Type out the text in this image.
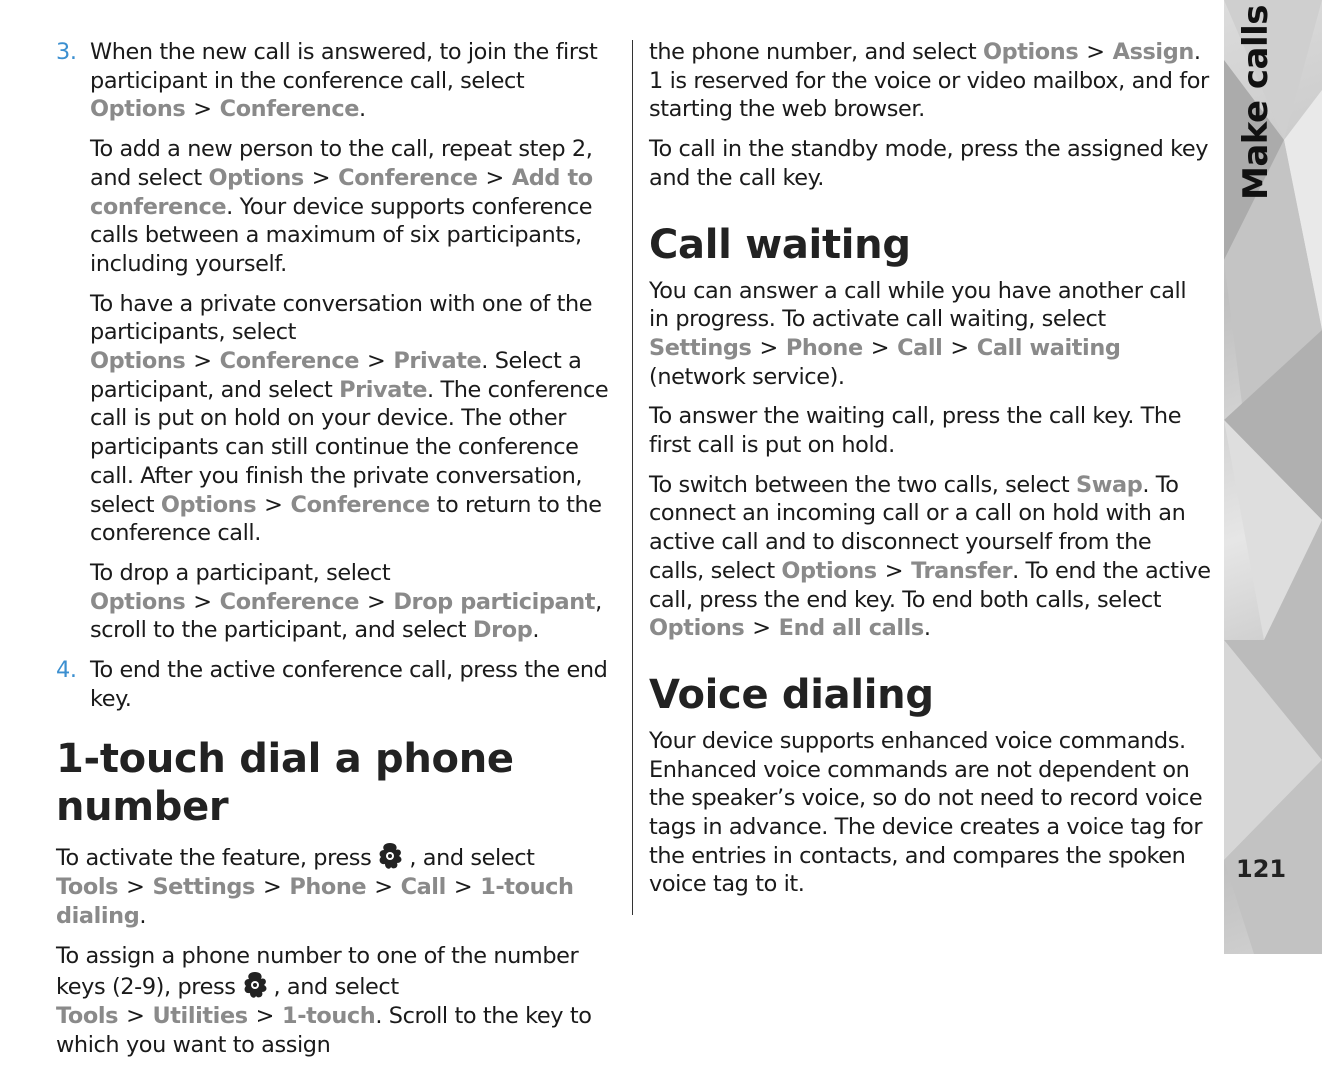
Make calls
121
3. When the new call is answered, to join the first participant in the conference call, select Options > Conference.

To add a new person to the call, repeat step 2, and select Options > Conference > Add to conference. Your device supports conference calls between a maximum of six participants, including yourself.

To have a private conversation with one of the participants, select Options > Conference > Private. Select a participant, and select Private. The conference call is put on hold on your device. The other participants can still continue the conference call. After you finish the private conversation, select Options > Conference to return to the conference call.

To drop a participant, select Options > Conference > Drop participant, scroll to the participant, and select Drop.

4. To end the active conference call, press the end key.
1-touch dial a phone number

To activate the feature, press , and select Tools > Settings > Phone > Call > 1-touch dialing.

To assign a phone number to one of the number keys (2-9), press , and select Tools > Utilities > 1-touch. Scroll to the key to which you want to assign

the phone number, and select Options > Assign. 1 is reserved for the voice or video mailbox, and for starting the web browser.

To call in the standby mode, press the assigned key and the call key.

Call waiting

You can answer a call while you have another call in progress. To activate call waiting, select Settings > Phone > Call > Call waiting (network service).

To answer the waiting call, press the call key. The first call is put on hold.

To switch between the two calls, select Swap. To connect an incoming call or a call on hold with an active call and to disconnect yourself from the calls, select Options > Transfer. To end the active call, press the end key. To end both calls, select Options > End all calls.

Voice dialing

Your device supports enhanced voice commands. Enhanced voice commands are not dependent on the speaker’s voice, so do not need to record voice tags in advance. The device creates a voice tag for the entries in contacts, and compares the spoken voice tag to it.
